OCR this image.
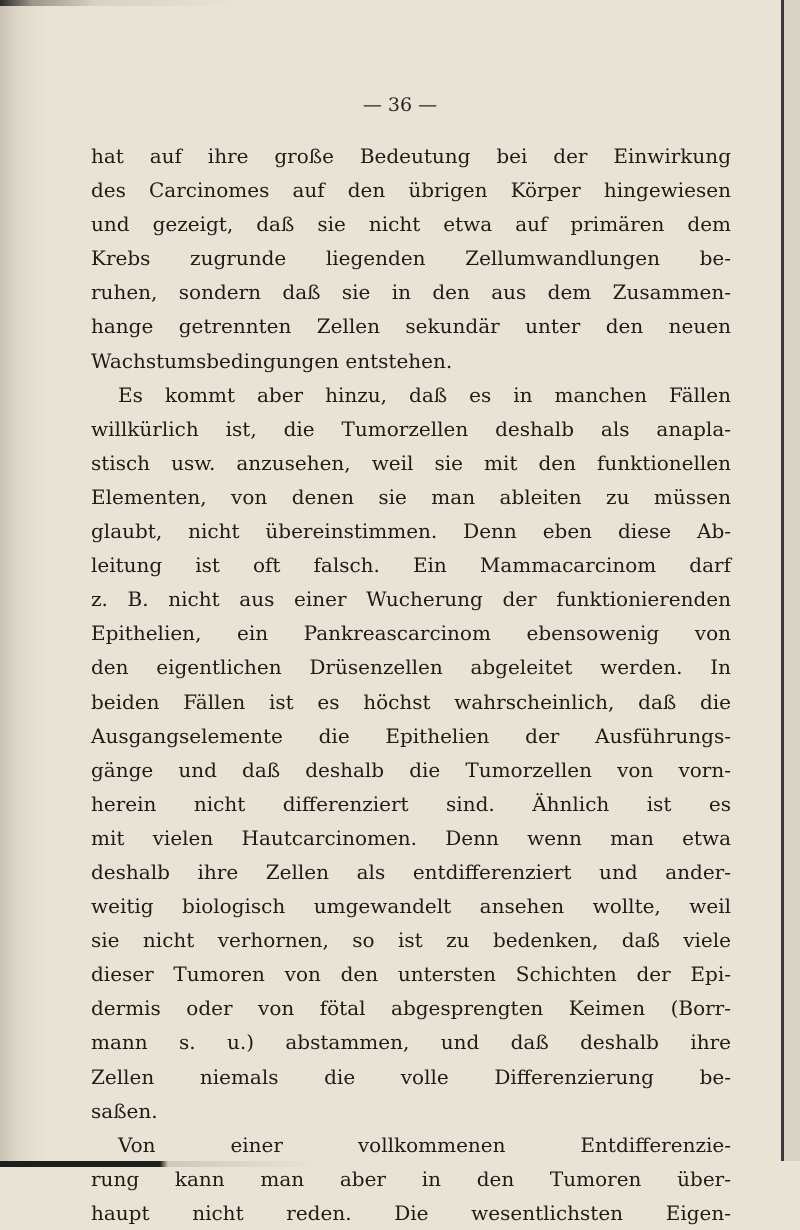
— 36 —
hat auf ihre große Bedeutung bei der Einwirkung
des Carcinomes auf den übrigen Körper hingewiesen
und gezeigt, daß sie nicht etwa auf primären dem
Krebs zugrunde liegenden Zellumwandlungen be-
ruhen, sondern daß sie in den aus dem Zusammen-
hange getrennten Zellen sekundär unter den neuen
Wachstumsbedingungen entstehen.
Es kommt aber hinzu, daß es in manchen Fällen
willkürlich ist, die Tumorzellen deshalb als anapla-
stisch usw. anzusehen, weil sie mit den funktionellen
Elementen, von denen sie man ableiten zu müssen
glaubt, nicht übereinstimmen. Denn eben diese Ab-
leitung ist oft falsch. Ein Mammacarcinom darf
z. B. nicht aus einer Wucherung der funktionierenden
Epithelien, ein Pankreascarcinom ebensowenig von
den eigentlichen Drüsenzellen abgeleitet werden. In
beiden Fällen ist es höchst wahrscheinlich, daß die
Ausgangselemente die Epithelien der Ausführungs-
gänge und daß deshalb die Tumorzellen von vorn-
herein nicht differenziert sind. Ähnlich ist es
mit vielen Hautcarcinomen. Denn wenn man etwa
deshalb ihre Zellen als entdifferenziert und ander-
weitig biologisch umgewandelt ansehen wollte, weil
sie nicht verhornen, so ist zu bedenken, daß viele
dieser Tumoren von den untersten Schichten der Epi-
dermis oder von fötal abgesprengten Keimen (Borr-
mann s. u.) abstammen, und daß deshalb ihre
Zellen niemals die volle Differenzierung be-
saßen.
Von einer vollkommenen Entdifferenzie-
rung kann man aber in den Tumoren über-
haupt nicht reden. Die wesentlichsten Eigen-
